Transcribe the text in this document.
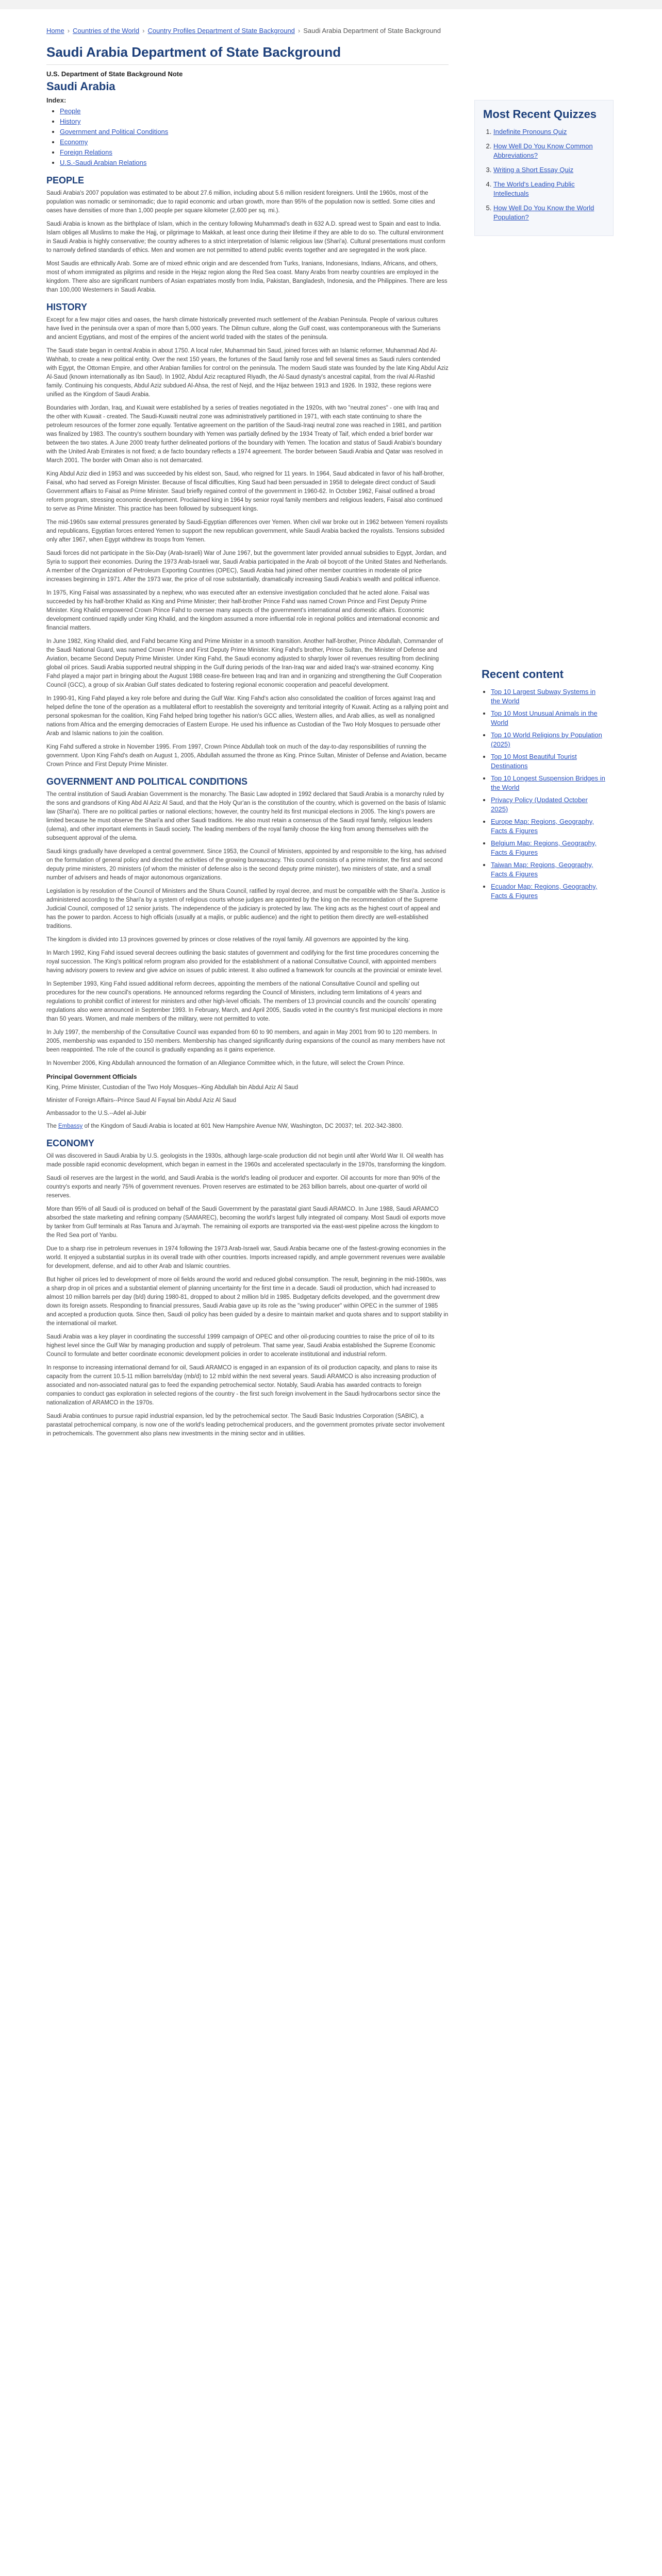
Home › Countries of the World › Country Profiles Department of State Background › Saudi Arabia Department of State Background
Saudi Arabia Department of State Background
U.S. Department of State Background Note
Saudi Arabia
Index:
• People
• History
• Government and Political Conditions
• Economy
• Foreign Relations
• U.S.-Saudi Arabian Relations
PEOPLE

Saudi Arabia's 2007 population was estimated to be about 27.6 million, including about 5.6 million resident foreigners. Until the 1960s, most of the population was nomadic or seminomadic; due to rapid economic and urban growth, more than 95% of the population now is settled. Some cities and oases have densities of more than 1,000 people per square kilometer (2,600 per sq. mi.).

Saudi Arabia is known as the birthplace of Islam, which in the century following Muhammad's death in 632 A.D. spread west to Spain and east to India. Islam obliges all Muslims to make the Hajj, or pilgrimage to Makkah, at least once during their lifetime if they are able to do so. The cultural environment in Saudi Arabia is highly conservative; the country adheres to a strict interpretation of Islamic religious law (Shari'a). Cultural presentations must conform to narrowly defined standards of ethics. Men and women are not permitted to attend public events together and are segregated in the work place.

Most Saudis are ethnically Arab. Some are of mixed ethnic origin and are descended from Turks, Iranians, Indonesians, Indians, Africans, and others, most of whom immigrated as pilgrims and reside in the Hejaz region along the Red Sea coast. Many Arabs from nearby countries are employed in the kingdom. There also are significant numbers of Asian expatriates mostly from India, Pakistan, Bangladesh, Indonesia, and the Philippines. There are less than 100,000 Westerners in Saudi Arabia.

HISTORY

Except for a few major cities and oases, the harsh climate historically prevented much settlement of the Arabian Peninsula. People of various cultures have lived in the peninsula over a span of more than 5,000 years. The Dilmun culture, along the Gulf coast, was contemporaneous with the Sumerians and ancient Egyptians, and most of the empires of the ancient world traded with the states of the peninsula.

The Saudi state began in central Arabia in about 1750. A local ruler, Muhammad bin Saud, joined forces with an Islamic reformer, Muhammad Abd Al-Wahhab, to create a new political entity. Over the next 150 years, the fortunes of the Saud family rose and fell several times as Saudi rulers contended with Egypt, the Ottoman Empire, and other Arabian families for control on the peninsula. The modern Saudi state was founded by the late King Abdul Aziz Al-Saud (known internationally as Ibn Saud). In 1902, Abdul Aziz recaptured Riyadh, the Al-Saud dynasty's ancestral capital, from the rival Al-Rashid family. Continuing his conquests, Abdul Aziz subdued Al-Ahsa, the rest of Nejd, and the Hijaz between 1913 and 1926. In 1932, these regions were unified as the Kingdom of Saudi Arabia.

Boundaries with Jordan, Iraq, and Kuwait were established by a series of treaties negotiated in the 1920s, with two "neutral zones" - one with Iraq and the other with Kuwait - created. The Saudi-Kuwaiti neutral zone was administratively partitioned in 1971, with each state continuing to share the petroleum resources of the former zone equally. Tentative agreement on the partition of the Saudi-Iraqi neutral zone was reached in 1981, and partition was finalized by 1983. The country's southern boundary with Yemen was partially defined by the 1934 Treaty of Taif, which ended a brief border war between the two states. A June 2000 treaty further delineated portions of the boundary with Yemen. The location and status of Saudi Arabia's boundary with the United Arab Emirates is not fixed; a de facto boundary reflects a 1974 agreement. The border between Saudi Arabia and Qatar was resolved in March 2001. The border with Oman also is not demarcated.

King Abdul Aziz died in 1953 and was succeeded by his eldest son, Saud, who reigned for 11 years. In 1964, Saud abdicated in favor of his half-brother, Faisal, who had served as Foreign Minister. Because of fiscal difficulties, King Saud had been persuaded in 1958 to delegate direct conduct of Saudi Government affairs to Faisal as Prime Minister. Saud briefly regained control of the government in 1960-62. In October 1962, Faisal outlined a broad reform program, stressing economic development. Proclaimed king in 1964 by senior royal family members and religious leaders, Faisal also continued to serve as Prime Minister. This practice has been followed by subsequent kings.

The mid-1960s saw external pressures generated by Saudi-Egyptian differences over Yemen. When civil war broke out in 1962 between Yemeni royalists and republicans, Egyptian forces entered Yemen to support the new republican government, while Saudi Arabia backed the royalists. Tensions subsided only after 1967, when Egypt withdrew its troops from Yemen.

Saudi forces did not participate in the Six-Day (Arab-Israeli) War of June 1967, but the government later provided annual subsidies to Egypt, Jordan, and Syria to support their economies. During the 1973 Arab-Israeli war, Saudi Arabia participated in the Arab oil boycott of the United States and Netherlands. A member of the Organization of Petroleum Exporting Countries (OPEC), Saudi Arabia had joined other member countries in moderate oil price increases beginning in 1971. After the 1973 war, the price of oil rose substantially, dramatically increasing Saudi Arabia's wealth and political influence.

In 1975, King Faisal was assassinated by a nephew, who was executed after an extensive investigation concluded that he acted alone. Faisal was succeeded by his half-brother Khalid as King and Prime Minister; their half-brother Prince Fahd was named Crown Prince and First Deputy Prime Minister. King Khalid empowered Crown Prince Fahd to oversee many aspects of the government's international and domestic affairs. Economic development continued rapidly under King Khalid, and the kingdom assumed a more influential role in regional politics and international economic and financial matters.

In June 1982, King Khalid died, and Fahd became King and Prime Minister in a smooth transition. Another half-brother, Prince Abdullah, Commander of the Saudi National Guard, was named Crown Prince and First Deputy Prime Minister. King Fahd's brother, Prince Sultan, the Minister of Defense and Aviation, became Second Deputy Prime Minister. Under King Fahd, the Saudi economy adjusted to sharply lower oil revenues resulting from declining global oil prices. Saudi Arabia supported neutral shipping in the Gulf during periods of the Iran-Iraq war and aided Iraq's war-strained economy. King Fahd played a major part in bringing about the August 1988 cease-fire between Iraq and Iran and in organizing and strengthening the Gulf Cooperation Council (GCC), a group of six Arabian Gulf states dedicated to fostering regional economic cooperation and peaceful development.

In 1990-91, King Fahd played a key role before and during the Gulf War. King Fahd's action also consolidated the coalition of forces against Iraq and helped define the tone of the operation as a multilateral effort to reestablish the sovereignty and territorial integrity of Kuwait. Acting as a rallying point and personal spokesman for the coalition, King Fahd helped bring together his nation's GCC allies, Western allies, and Arab allies, as well as nonaligned nations from Africa and the emerging democracies of Eastern Europe. He used his influence as Custodian of the Two Holy Mosques to persuade other Arab and Islamic nations to join the coalition.

King Fahd suffered a stroke in November 1995. From 1997, Crown Prince Abdullah took on much of the day-to-day responsibilities of running the government. Upon King Fahd's death on August 1, 2005, Abdullah assumed the throne as King. Prince Sultan, Minister of Defense and Aviation, became Crown Prince and First Deputy Prime Minister.

GOVERNMENT AND POLITICAL CONDITIONS

The central institution of Saudi Arabian Government is the monarchy. The Basic Law adopted in 1992 declared that Saudi Arabia is a monarchy ruled by the sons and grandsons of King Abd Al Aziz Al Saud, and that the Holy Qur'an is the constitution of the country, which is governed on the basis of Islamic law (Shari'a). There are no political parties or national elections; however, the country held its first municipal elections in 2005. The king's powers are limited because he must observe the Shari'a and other Saudi traditions. He also must retain a consensus of the Saudi royal family, religious leaders (ulema), and other important elements in Saudi society. The leading members of the royal family choose the king from among themselves with the subsequent approval of the ulema.

Saudi kings gradually have developed a central government. Since 1953, the Council of Ministers, appointed by and responsible to the king, has advised on the formulation of general policy and directed the activities of the growing bureaucracy. This council consists of a prime minister, the first and second deputy prime ministers, 20 ministers (of whom the minister of defense also is the second deputy prime minister), two ministers of state, and a small number of advisers and heads of major autonomous organizations.

Legislation is by resolution of the Council of Ministers and the Shura Council, ratified by royal decree, and must be compatible with the Shari'a. Justice is administered according to the Shari'a by a system of religious courts whose judges are appointed by the king on the recommendation of the Supreme Judicial Council, composed of 12 senior jurists. The independence of the judiciary is protected by law. The king acts as the highest court of appeal and has the power to pardon. Access to high officials (usually at a majlis, or public audience) and the right to petition them directly are well-established traditions.

The kingdom is divided into 13 provinces governed by princes or close relatives of the royal family. All governors are appointed by the king.

In March 1992, King Fahd issued several decrees outlining the basic statutes of government and codifying for the first time procedures concerning the royal succession. The King's political reform program also provided for the establishment of a national Consultative Council, with appointed members having advisory powers to review and give advice on issues of public interest. It also outlined a framework for councils at the provincial or emirate level.

In September 1993, King Fahd issued additional reform decrees, appointing the members of the national Consultative Council and spelling out procedures for the new council's operations. He announced reforms regarding the Council of Ministers, including term limitations of 4 years and regulations to prohibit conflict of interest for ministers and other high-level officials. The members of 13 provincial councils and the councils' operating regulations also were announced in September 1993. In February, March, and April 2005, Saudis voted in the country's first municipal elections in more than 50 years. Women, and male members of the military, were not permitted to vote.

In July 1997, the membership of the Consultative Council was expanded from 60 to 90 members, and again in May 2001 from 90 to 120 members. In 2005, membership was expanded to 150 members. Membership has changed significantly during expansions of the council as many members have not been reappointed. The role of the council is gradually expanding as it gains experience.

In November 2006, King Abdullah announced the formation of an Allegiance Committee which, in the future, will select the Crown Prince.

Principal Government Officials

King, Prime Minister, Custodian of the Two Holy Mosques--King Abdullah bin Abdul Aziz Al Saud

Minister of Foreign Affairs--Prince Saud Al Faysal bin Abdul Aziz Al Saud

Ambassador to the U.S.--Adel al-Jubir

The Embassy of the Kingdom of Saudi Arabia is located at 601 New Hampshire Avenue NW, Washington, DC 20037; tel. 202-342-3800.

ECONOMY

Oil was discovered in Saudi Arabia by U.S. geologists in the 1930s, although large-scale production did not begin until after World War II. Oil wealth has made possible rapid economic development, which began in earnest in the 1960s and accelerated spectacularly in the 1970s, transforming the kingdom.

Saudi oil reserves are the largest in the world, and Saudi Arabia is the world's leading oil producer and exporter. Oil accounts for more than 90% of the country's exports and nearly 75% of government revenues. Proven reserves are estimated to be 263 billion barrels, about one-quarter of world oil reserves.

More than 95% of all Saudi oil is produced on behalf of the Saudi Government by the parastatal giant Saudi ARAMCO. In June 1988, Saudi ARAMCO absorbed the state marketing and refining company (SAMAREC), becoming the world's largest fully integrated oil company. Most Saudi oil exports move by tanker from Gulf terminals at Ras Tanura and Ju'aymah. The remaining oil exports are transported via the east-west pipeline across the kingdom to the Red Sea port of Yanbu.

Due to a sharp rise in petroleum revenues in 1974 following the 1973 Arab-Israeli war, Saudi Arabia became one of the fastest-growing economies in the world. It enjoyed a substantial surplus in its overall trade with other countries. Imports increased rapidly, and ample government revenues were available for development, defense, and aid to other Arab and Islamic countries.

But higher oil prices led to development of more oil fields around the world and reduced global consumption. The result, beginning in the mid-1980s, was a sharp drop in oil prices and a substantial element of planning uncertainty for the first time in a decade. Saudi oil production, which had increased to almost 10 million barrels per day (b/d) during 1980-81, dropped to about 2 million b/d in 1985. Budgetary deficits developed, and the government drew down its foreign assets. Responding to financial pressures, Saudi Arabia gave up its role as the "swing producer" within OPEC in the summer of 1985 and accepted a production quota. Since then, Saudi oil policy has been guided by a desire to maintain market and quota shares and to support stability in the international oil market.

Saudi Arabia was a key player in coordinating the successful 1999 campaign of OPEC and other oil-producing countries to raise the price of oil to its highest level since the Gulf War by managing production and supply of petroleum. That same year, Saudi Arabia established the Supreme Economic Council to formulate and better coordinate economic development policies in order to accelerate institutional and industrial reform.

In response to increasing international demand for oil, Saudi ARAMCO is engaged in an expansion of its oil production capacity, and plans to raise its capacity from the current 10.5-11 million barrels/day (mb/d) to 12 mb/d within the next several years. Saudi ARAMCO is also increasing production of associated and non-associated natural gas to feed the expanding petrochemical sector. Notably, Saudi Arabia has awarded contracts to foreign companies to conduct gas exploration in selected regions of the country - the first such foreign involvement in the Saudi hydrocarbons sector since the nationalization of ARAMCO in the 1970s.

Saudi Arabia continues to pursue rapid industrial expansion, led by the petrochemical sector. The Saudi Basic Industries Corporation (SABIC), a parastatal petrochemical company, is now one of the world's leading petrochemical producers, and the government promotes private sector involvement in petrochemicals. The government also plans new investments in the mining sector and in utilities.

Most Recent Quizzes
1. Indefinite Pronouns Quiz
2. How Well Do You Know Common Abbreviations?
3. Writing a Short Essay Quiz
4. The World's Leading Public Intellectuals
5. How Well Do You Know the World Population?
Recent content
• Top 10 Largest Subway Systems in the World
• Top 10 Most Unusual Animals in the World
• Top 10 World Religions by Population (2025)
• Top 10 Most Beautiful Tourist Destinations
• Top 10 Longest Suspension Bridges in the World
• Privacy Policy (Updated October 2025)
• Europe Map: Regions, Geography, Facts & Figures
• Belgium Map: Regions, Geography, Facts & Figures
• Taiwan Map: Regions, Geography, Facts & Figures
• Ecuador Map: Regions, Geography, Facts & Figures
